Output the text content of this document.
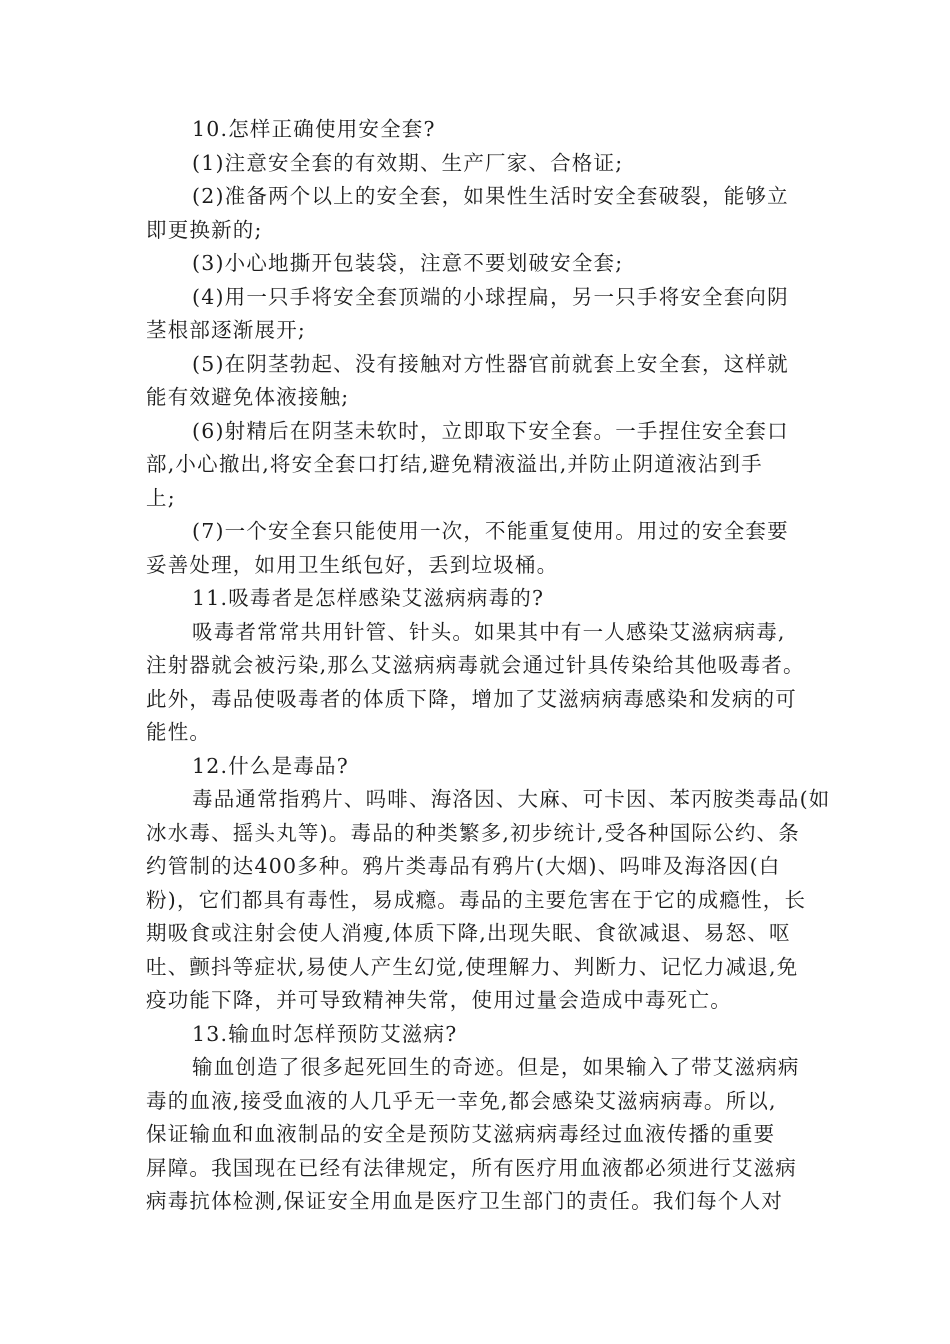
10.怎样正确使用安全套?
(1)注意安全套的有效期、生产厂家、合格证;
(2)准备两个以上的安全套，如果性生活时安全套破裂，能够立
即更换新的;
(3)小心地撕开包装袋，注意不要划破安全套;
(4)用一只手将安全套顶端的小球捏扁，另一只手将安全套向阴
茎根部逐渐展开;
(5)在阴茎勃起、没有接触对方性器官前就套上安全套，这样就
能有效避免体液接触;
(6)射精后在阴茎未软时，立即取下安全套。一手捏住安全套口
部,小心撤出,将安全套口打结,避免精液溢出,并防止阴道液沾到手
上;
(7)一个安全套只能使用一次，不能重复使用。用过的安全套要
妥善处理，如用卫生纸包好，丢到垃圾桶。
11.吸毒者是怎样感染艾滋病病毒的?
吸毒者常常共用针管、针头。如果其中有一人感染艾滋病病毒,
注射器就会被污染,那么艾滋病病毒就会通过针具传染给其他吸毒者。
此外，毒品使吸毒者的体质下降，增加了艾滋病病毒感染和发病的可
能性。
12.什么是毒品?
毒品通常指鸦片、吗啡、海洛因、大麻、可卡因、苯丙胺类毒品(如
冰水毒、摇头丸等)。毒品的种类繁多,初步统计,受各种国际公约、条
约管制的达400多种。鸦片类毒品有鸦片(大烟)、吗啡及海洛因(白
粉)，它们都具有毒性，易成瘾。毒品的主要危害在于它的成瘾性，长
期吸食或注射会使人消瘦,体质下降,出现失眠、食欲减退、易怒、呕
吐、颤抖等症状,易使人产生幻觉,使理解力、判断力、记忆力减退,免
疫功能下降，并可导致精神失常，使用过量会造成中毒死亡。
13.输血时怎样预防艾滋病?
输血创造了很多起死回生的奇迹。但是，如果输入了带艾滋病病
毒的血液,接受血液的人几乎无一幸免,都会感染艾滋病病毒。所以,
保证输血和血液制品的安全是预防艾滋病病毒经过血液传播的重要
屏障。我国现在已经有法律规定，所有医疗用血液都必须进行艾滋病
病毒抗体检测,保证安全用血是医疗卫生部门的责任。我们每个人对
